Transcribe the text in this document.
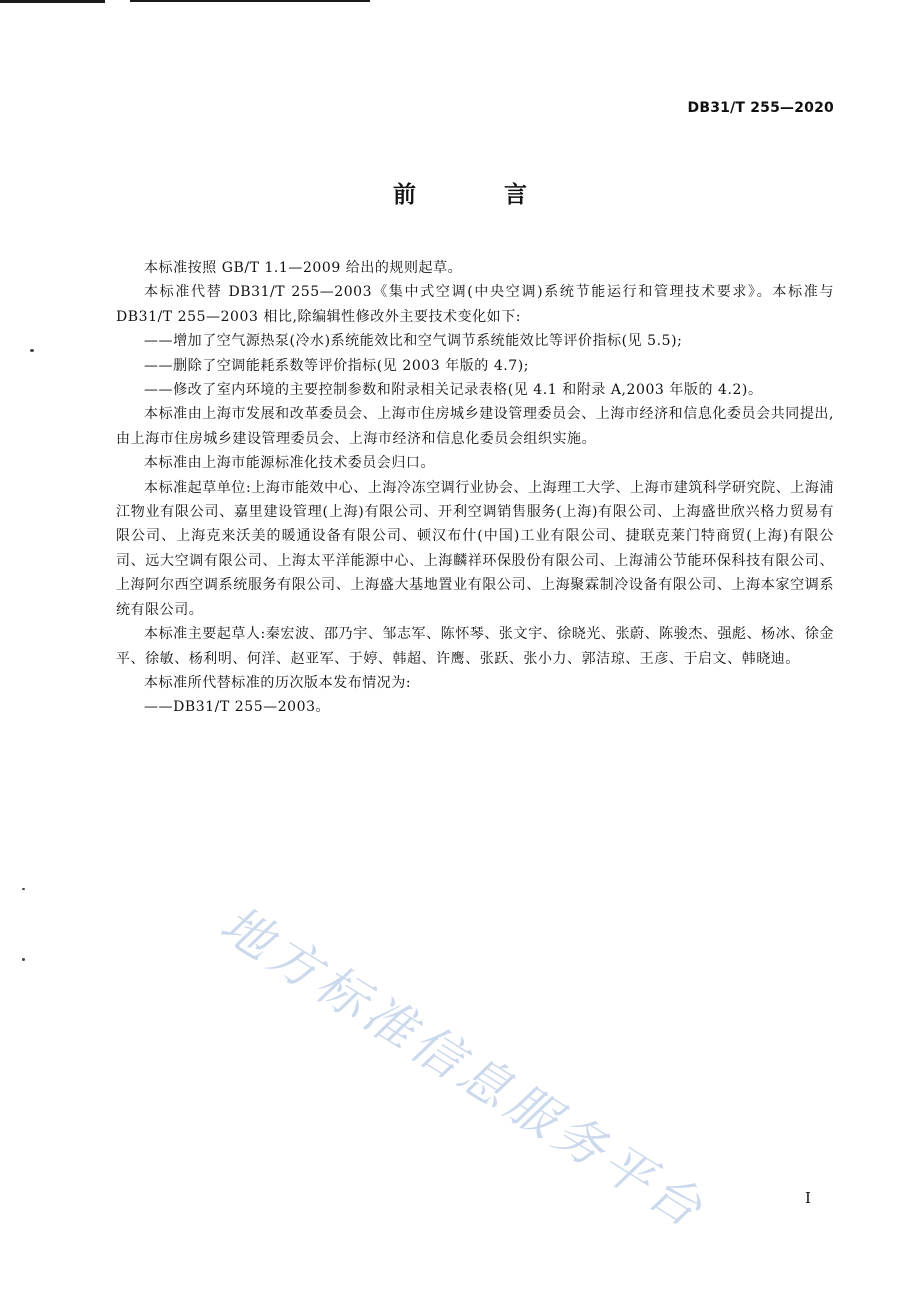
DB31/T 255—2020
前 言

本标准按照 GB/T 1.1—2009 给出的规则起草。

本标准代替 DB31/T 255—2003《集中式空调(中央空调)系统节能运行和管理技术要求》。本标准与 DB31/T 255—2003 相比,除编辑性修改外主要技术变化如下:

——增加了空气源热泵(冷水)系统能效比和空气调节系统能效比等评价指标(见 5.5);

——删除了空调能耗系数等评价指标(见 2003 年版的 4.7);

——修改了室内环境的主要控制参数和附录相关记录表格(见 4.1 和附录 A,2003 年版的 4.2)。

本标准由上海市发展和改革委员会、上海市住房城乡建设管理委员会、上海市经济和信息化委员会共同提出,由上海市住房城乡建设管理委员会、上海市经济和信息化委员会组织实施。

本标准由上海市能源标准化技术委员会归口。

本标准起草单位:上海市能效中心、上海冷冻空调行业协会、上海理工大学、上海市建筑科学研究院、上海浦江物业有限公司、嘉里建设管理(上海)有限公司、开利空调销售服务(上海)有限公司、上海盛世欣兴格力贸易有限公司、上海克来沃美的暖通设备有限公司、顿汉布什(中国)工业有限公司、捷联克莱门特商贸(上海)有限公司、远大空调有限公司、上海太平洋能源中心、上海麟祥环保股份有限公司、上海浦公节能环保科技有限公司、上海阿尔西空调系统服务有限公司、上海盛大基地置业有限公司、上海聚霖制冷设备有限公司、上海本家空调系统有限公司。

本标准主要起草人:秦宏波、邵乃宇、邹志军、陈怀琴、张文宇、徐晓光、张蔚、陈骏杰、强彪、杨冰、徐金平、徐敏、杨利明、何洋、赵亚军、于婷、韩超、许鹰、张跃、张小力、郭洁琼、王彦、于启文、韩晓迪。

本标准所代替标准的历次版本发布情况为:

——DB31/T 255—2003。

地方标准信息服务平台	I
